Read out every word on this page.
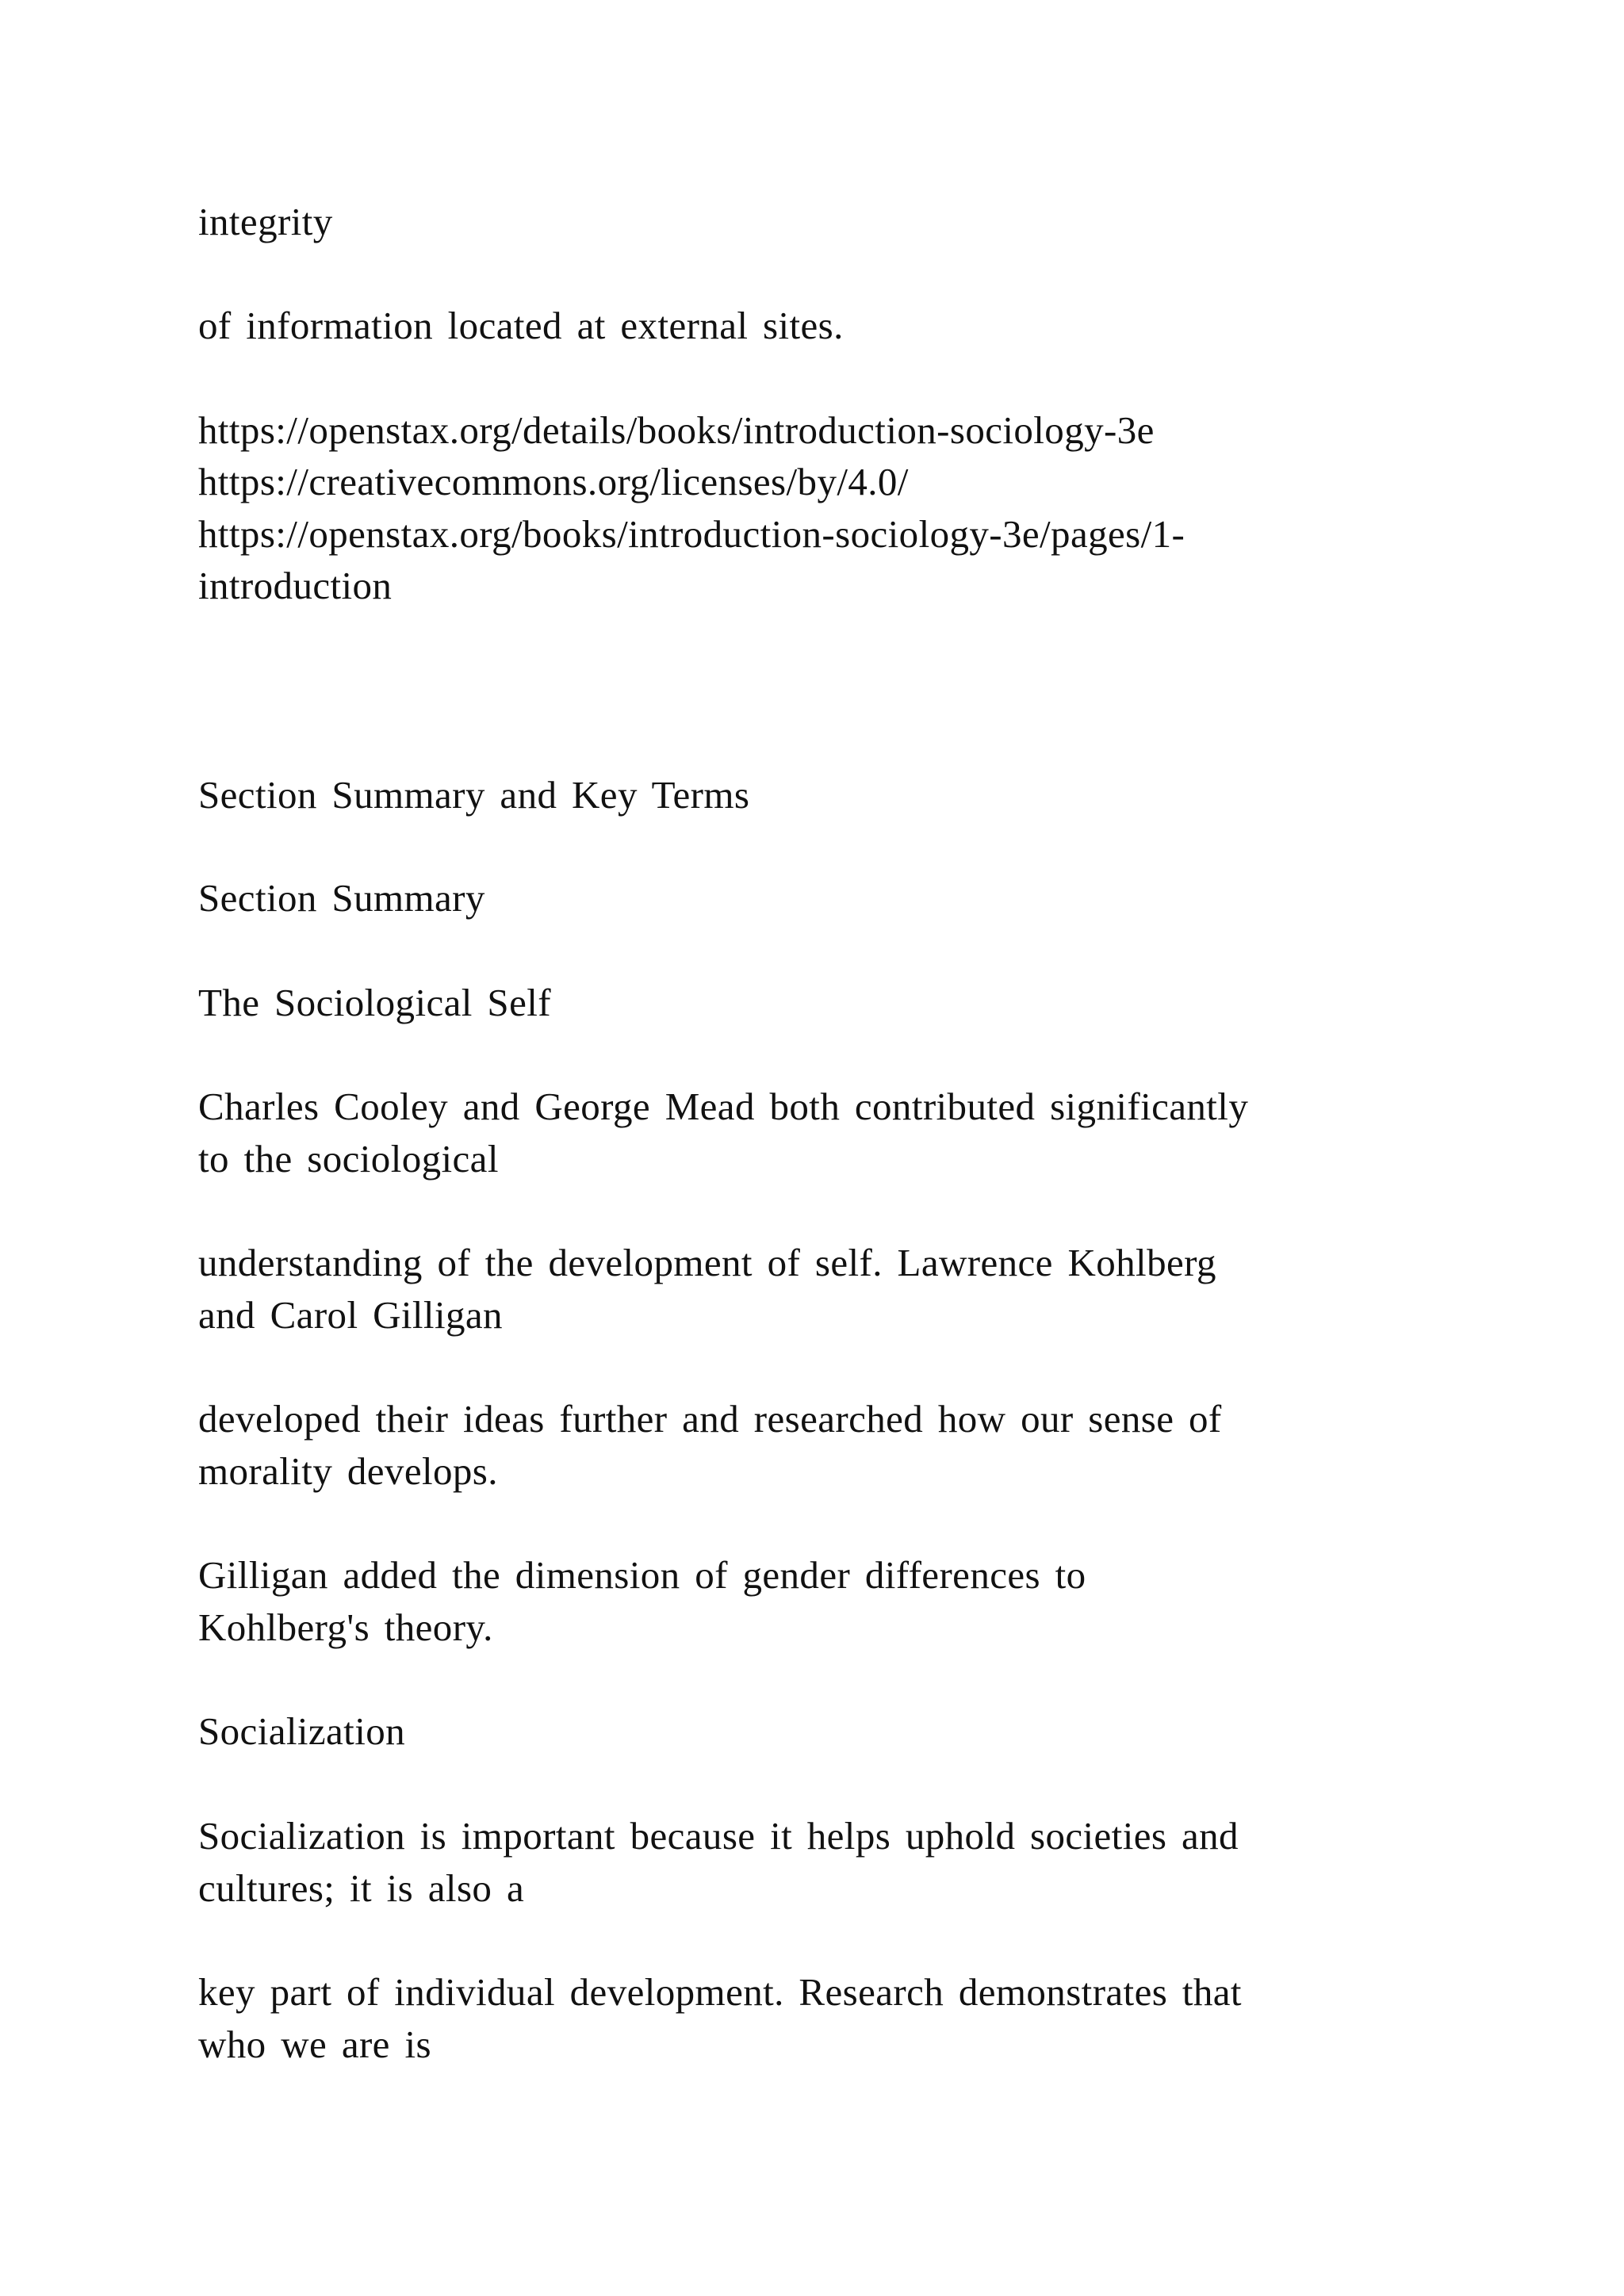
integrity

of information located at external sites.

https://openstax.org/details/books/introduction-sociology-3e

https://creativecommons.org/licenses/by/4.0/

https://openstax.org/books/introduction-sociology-3e/pages/1-

introduction

Section Summary and Key Terms

Section Summary

The Sociological Self

Charles Cooley and George Mead both contributed significantly

to the sociological

understanding of the development of self. Lawrence Kohlberg

and Carol Gilligan

developed their ideas further and researched how our sense of

morality develops.

Gilligan added the dimension of gender differences to

Kohlberg's theory.

Socialization

Socialization is important because it helps uphold societies and

cultures; it is also a

key part of individual development. Research demonstrates that

who we are is
